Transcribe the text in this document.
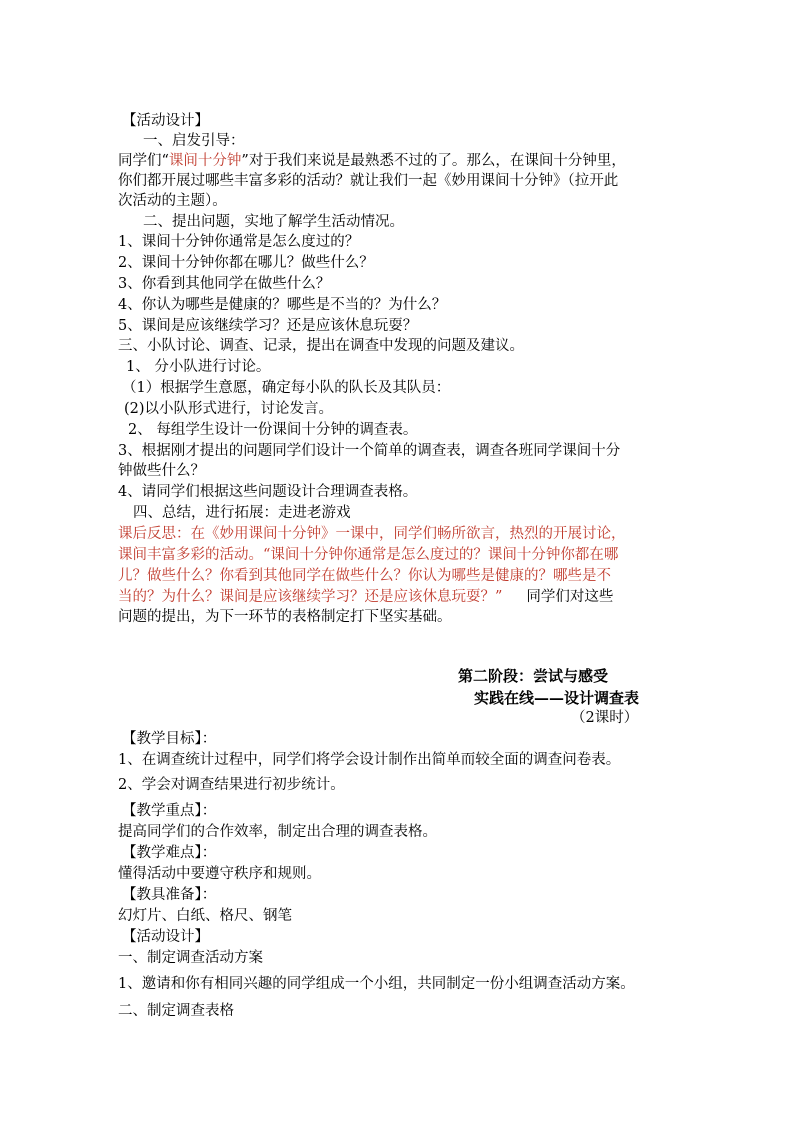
【活动设计】

一、启发引导：

同学们“课间十分钟”对于我们来说是最熟悉不过的了。那么，在课间十分钟里，

你们都开展过哪些丰富多彩的活动？就让我们一起《妙用课间十分钟》（拉开此

次活动的主题）。

二、提出问题，实地了解学生活动情况。

1、课间十分钟你通常是怎么度过的？

2、课间十分钟你都在哪儿？做些什么？

3、你看到其他同学在做些什么？

4、你认为哪些是健康的？哪些是不当的？为什么？

5、课间是应该继续学习？还是应该休息玩耍？

三、小队讨论、调查、记录，提出在调查中发现的问题及建议。

1、 分小队进行讨论。

（1）根据学生意愿，确定每小队的队长及其队员：

(2)以小队形式进行，讨论发言。

2、 每组学生设计一份课间十分钟的调查表。

3、根据刚才提出的问题同学们设计一个简单的调查表，调查各班同学课间十分

钟做些什么？

4、请同学们根据这些问题设计合理调查表格。

四、总结，进行拓展：走进老游戏

课后反思：在《妙用课间十分钟》一课中，同学们畅所欲言，热烈的开展讨论，

课间丰富多彩的活动。“课间十分钟你通常是怎么度过的？课间十分钟你都在哪

儿？做些什么？你看到其他同学在做些什么？你认为哪些是健康的？哪些是不

当的？为什么？课间是应该继续学习？还是应该休息玩耍？” 同学们对这些

问题的提出，为下一环节的表格制定打下坚实基础。

第二阶段：尝试与感受

实践在线——设计调查表

（2课时）

【教学目标】：

1、在调查统计过程中，同学们将学会设计制作出简单而较全面的调查问卷表。

2、学会对调查结果进行初步统计。

【教学重点】：

提高同学们的合作效率，制定出合理的调查表格。

【教学难点】：

懂得活动中要遵守秩序和规则。

【教具准备】：

幻灯片、白纸、格尺、钢笔

【活动设计】

一、制定调查活动方案

1、邀请和你有相同兴趣的同学组成一个小组，共同制定一份小组调查活动方案。

二、制定调查表格
